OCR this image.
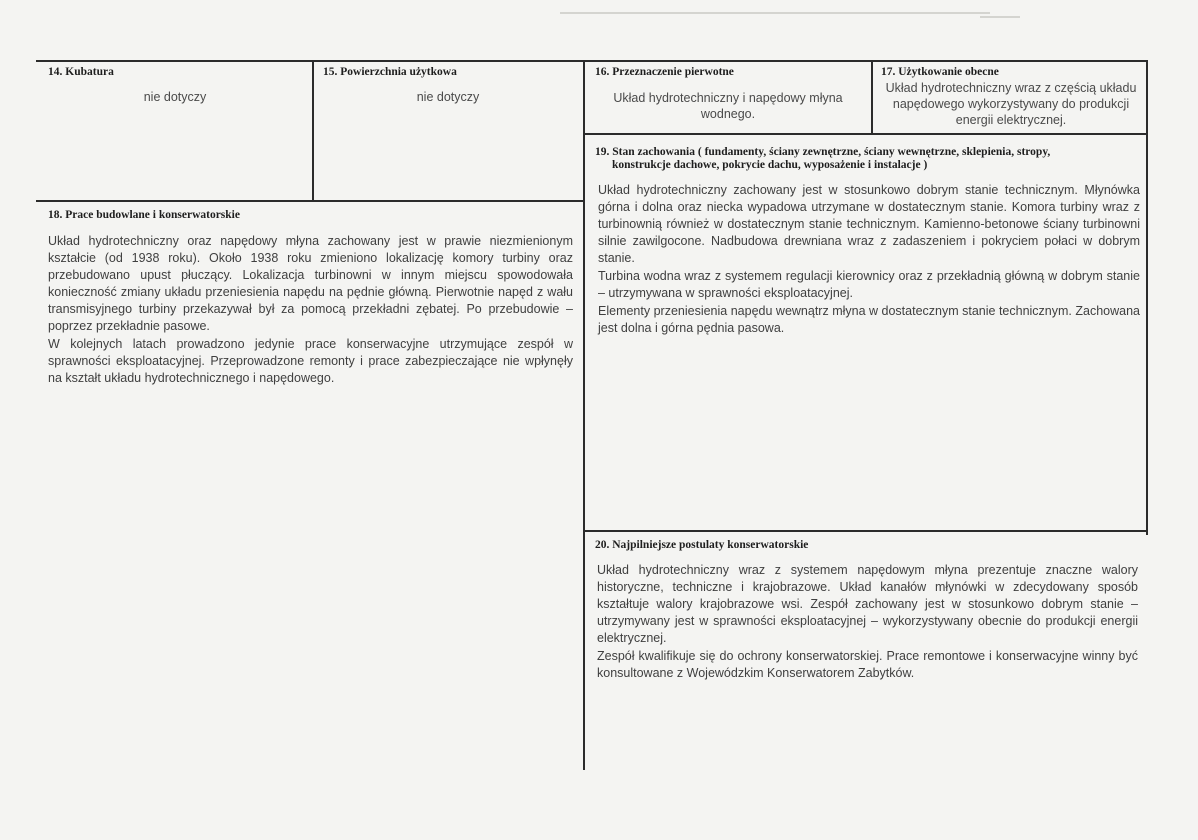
14. Kubatura
nie dotyczy
15. Powierzchnia użytkowa
nie dotyczy
16. Przeznaczenie pierwotne
Układ hydrotechniczny i napędowy młyna wodnego.
17. Użytkowanie obecne
Układ hydrotechniczny wraz z częścią układu napędowego wykorzystywany do produkcji energii elektrycznej.
18. Prace budowlane i konserwatorskie

Układ hydrotechniczny oraz napędowy młyna zachowany jest w prawie niezmienionym kształcie (od 1938 roku). Około 1938 roku zmieniono lokalizację komory turbiny oraz przebudowano upust płuczący. Lokalizacja turbinowni w innym miejscu spowodowała konieczność zmiany układu przeniesienia napędu na pędnie główną. Pierwotnie napęd z wału transmisyjnego turbiny przekazywał był za pomocą przekładni zębatej. Po przebudowie – poprzez przekładnie pasowe.

W kolejnych latach prowadzono jedynie prace konserwacyjne utrzymujące zespół w sprawności eksploatacyjnej. Przeprowadzone remonty i prace zabezpieczające nie wpłynęły na kształt układu hydrotechnicznego i napędowego.

19. Stan zachowania ( fundamenty, ściany zewnętrzne, ściany wewnętrzne, sklepienia, stropy,
konstrukcje dachowe, pokrycie dachu, wyposażenie i instalacje )

Układ hydrotechniczny zachowany jest w stosunkowo dobrym stanie technicznym. Młynówka górna i dolna oraz niecka wypadowa utrzymane w dostatecznym stanie. Komora turbiny wraz z turbinownią również w dostatecznym stanie technicznym. Kamienno-betonowe ściany turbinowni silnie zawilgocone. Nadbudowa drewniana wraz z zadaszeniem i pokryciem połaci w dobrym stanie.

Turbina wodna wraz z systemem regulacji kierownicy oraz z przekładnią główną w dobrym stanie – utrzymywana w sprawności eksploatacyjnej.

Elementy przeniesienia napędu wewnątrz młyna w dostatecznym stanie technicznym. Zachowana jest dolna i górna pędnia pasowa.

20. Najpilniejsze postulaty konserwatorskie

Układ hydrotechniczny wraz z systemem napędowym młyna prezentuje znaczne walory historyczne, techniczne i krajobrazowe. Układ kanałów młynówki w zdecydowany sposób kształtuje walory krajobrazowe wsi. Zespół zachowany jest w stosunkowo dobrym stanie – utrzymywany jest w sprawności eksploatacyjnej – wykorzystywany obecnie do produkcji energii elektrycznej.

Zespół kwalifikuje się do ochrony konserwatorskiej. Prace remontowe i konserwacyjne winny być konsultowane z Wojewódzkim Konserwatorem Zabytków.
